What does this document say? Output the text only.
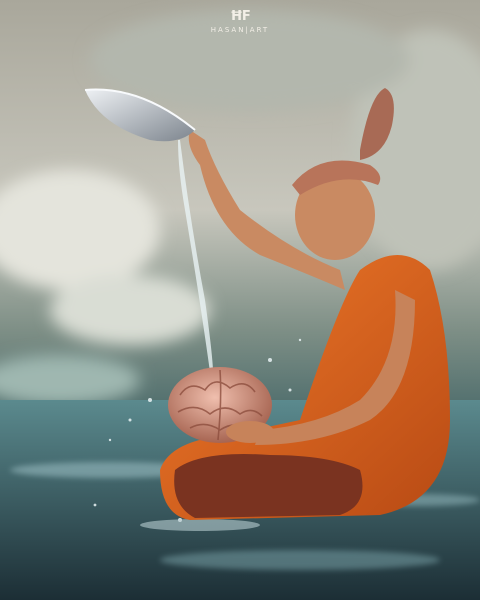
ĦF
HASAN|ART
